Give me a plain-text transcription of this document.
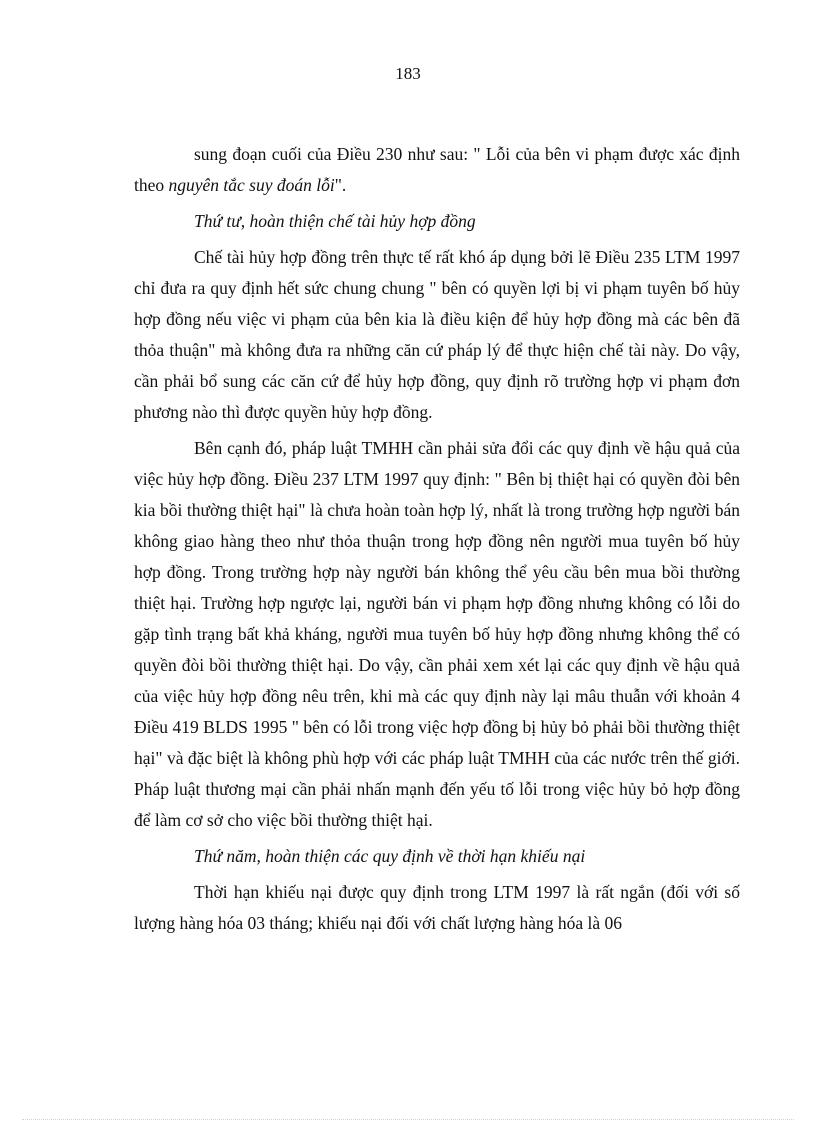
183

sung đoạn cuối của Điều 230 như sau: " Lỗi của bên vi phạm được xác định theo nguyên tắc suy đoán lỗi".

Thứ tư, hoàn thiện chế tài hủy hợp đồng

Chế tài hủy hợp đồng trên thực tế rất khó áp dụng bởi lẽ Điều 235 LTM 1997 chỉ đưa ra quy định hết sức chung chung " bên có quyền lợi bị vi phạm tuyên bố hủy hợp đồng nếu việc vi phạm của bên kia là điều kiện để hủy hợp đồng mà các bên đã thỏa thuận" mà không đưa ra những căn cứ pháp lý để thực hiện chế tài này. Do vậy, cần phải bổ sung các căn cứ để hủy hợp đồng, quy định rõ trường hợp vi phạm đơn phương nào thì được quyền hủy hợp đồng.

Bên cạnh đó, pháp luật TMHH cần phải sửa đổi các quy định về hậu quả của việc hủy hợp đồng. Điều 237 LTM 1997 quy định: " Bên bị thiệt hại có quyền đòi bên kia bồi thường thiệt hại" là chưa hoàn toàn hợp lý, nhất là trong trường hợp người bán không giao hàng theo như thỏa thuận trong hợp đồng nên người mua tuyên bố hủy hợp đồng. Trong trường hợp này người bán không thể yêu cầu bên mua bồi thường thiệt hại. Trường hợp ngược lại, người bán vi phạm hợp đồng nhưng không có lỗi do gặp tình trạng bất khả kháng, người mua tuyên bố hủy hợp đồng nhưng không thể có quyền đòi bồi thường thiệt hại. Do vậy, cần phải xem xét lại các quy định về hậu quả của việc hủy hợp đồng nêu trên, khi mà các quy định này lại mâu thuẫn với khoản 4 Điều 419 BLDS 1995 " bên có lỗi trong việc hợp đồng bị hủy bỏ phải bồi thường thiệt hại" và đặc biệt là không phù hợp với các pháp luật TMHH của các nước trên thế giới. Pháp luật thương mại cần phải nhấn mạnh đến yếu tố lỗi trong việc hủy bỏ hợp đồng để làm cơ sở cho việc bồi thường thiệt hại.

Thứ năm, hoàn thiện các quy định về thời hạn khiếu nại

Thời hạn khiếu nại được quy định trong LTM 1997 là rất ngắn (đối với số lượng hàng hóa 03 tháng; khiếu nại đối với chất lượng hàng hóa là 06
